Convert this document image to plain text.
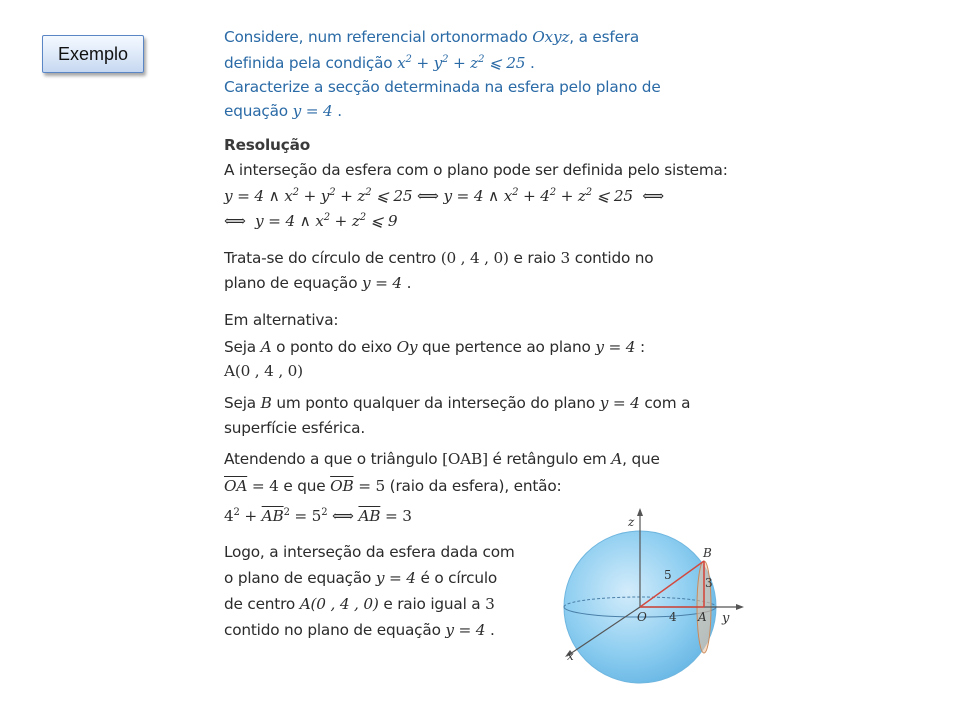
Exemplo
Considere, num referencial ortonormado Oxyz, a esfera
definida pela condição $x^2 + y^2 + z^2$ ⩽ 25 .
Caracterize a secção determinada na esfera pelo plano de
equação y = 4 .
Resolução
A interseção da esfera com o plano pode ser definida pelo sistema:
y = 4 ∧ $x^2 + y^2 + z^2$ ⩽ 25 ⟺ y = 4 ∧ $x^2 + 4^2 + z^2$ ⩽ 25  ⟺
⟺  y = 4 ∧ $x^2 + z^2$ ⩽ 9
Trata-se do círculo de centro (0 , 4 , 0) e raio 3 contido no
plano de equação y = 4 .
Em alternativa:
Seja A o ponto do eixo Oy que pertence ao plano y = 4 :
A(0 , 4 , 0)
Seja B um ponto qualquer da interseção do plano y = 4 com a
superfície esférica.
Atendendo a que o triângulo [OAB] é retângulo em A, que
$\overline{OA} = 4$ e que $\overline{OB} = 5$ (raio da esfera), então:
$4^2 + \overline{AB}^2 = 5^2$ ⟺ $\overline{AB} = 3$
Logo, a interseção da esfera dada com
o plano de equação y = 4 é o círculo
de centro A(0 , 4 , 0) e raio igual a 3
contido no plano de equação y = 4 .
z
y
x
O	A
B
5
4
3
